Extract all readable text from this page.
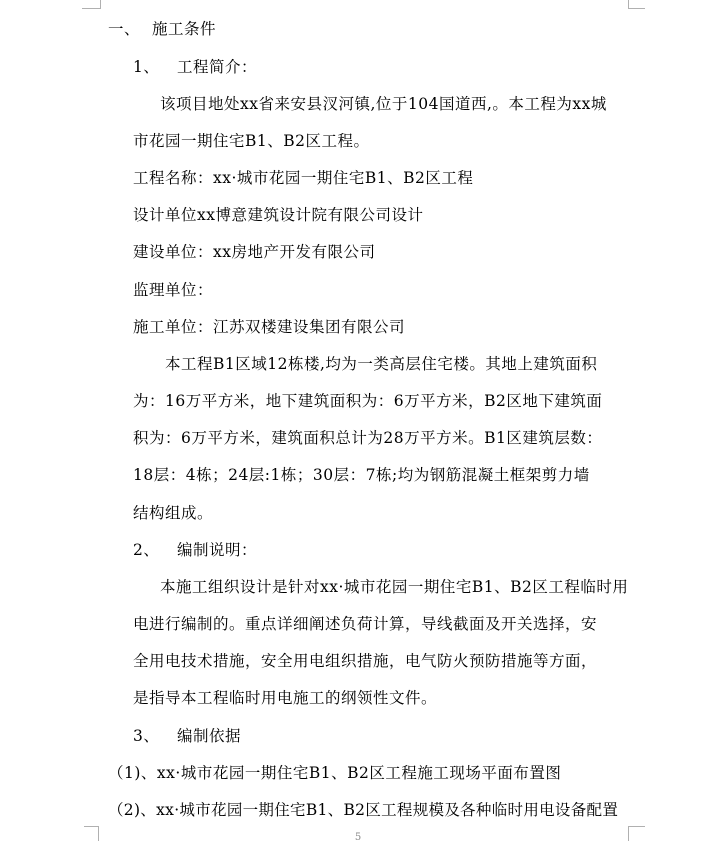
一、 施工条件
1、 工程简介：
该项目地处xx省来安县汊河镇,位于104国道西,。本工程为xx城
市花园一期住宅B1、B2区工程。
工程名称：xx·城市花园一期住宅B1、B2区工程
设计单位xx博意建筑设计院有限公司设计
建设单位：xx房地产开发有限公司
监理单位：
施工单位：江苏双楼建设集团有限公司
本工程B1区域12栋楼,均为一类高层住宅楼。其地上建筑面积
为：16万平方米，地下建筑面积为：6万平方米，B2区地下建筑面
积为：6万平方米，建筑面积总计为28万平方米。B1区建筑层数：
18层：4栋；24层:1栋；30层：7栋;均为钢筋混凝土框架剪力墙
结构组成。
2、 编制说明：
本施工组织设计是针对xx·城市花园一期住宅B1、B2区工程临时用
电进行编制的。重点详细阐述负荷计算，导线截面及开关选择，安
全用电技术措施，安全用电组织措施，电气防火预防措施等方面，
是指导本工程临时用电施工的纲领性文件。
3、 编制依据
（1)、xx·城市花园一期住宅B1、B2区工程施工现场平面布置图
（2)、xx·城市花园一期住宅B1、B2区工程规模及各种临时用电设备配置
5
